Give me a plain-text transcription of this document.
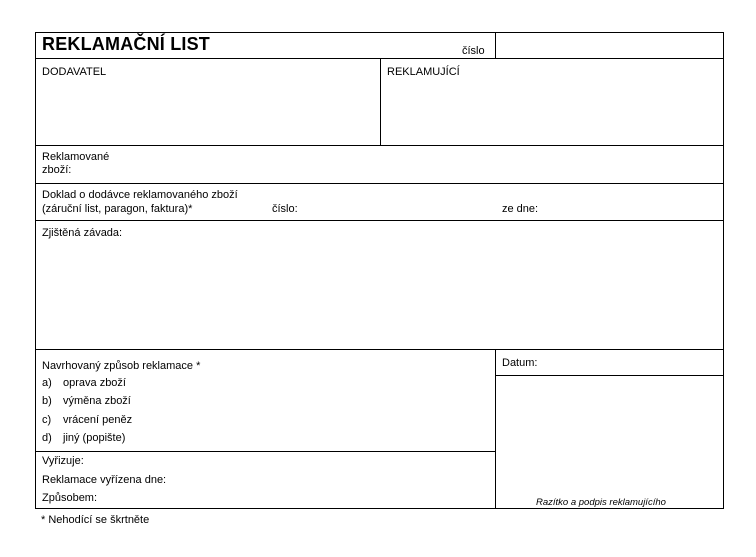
REKLAMAČNÍ LIST	číslo
DODAVATEL	REKLAMUJÍCÍ
Reklamované
zboží:
Doklad o dodávce reklamovaného zboží
(záruční list, paragon, faktura)*	číslo:	ze dne:
Zjištěná závada:
Navrhovaný způsob reklamace *
a) oprava zboží
b) výměna zboží
c) vrácení peněz
d) jiný (popište)
Vyřizuje:
Reklamace vyřízena dne:
Způsobem:
Datum:
Razítko a podpis reklamujícího
* Nehodící se škrtněte
